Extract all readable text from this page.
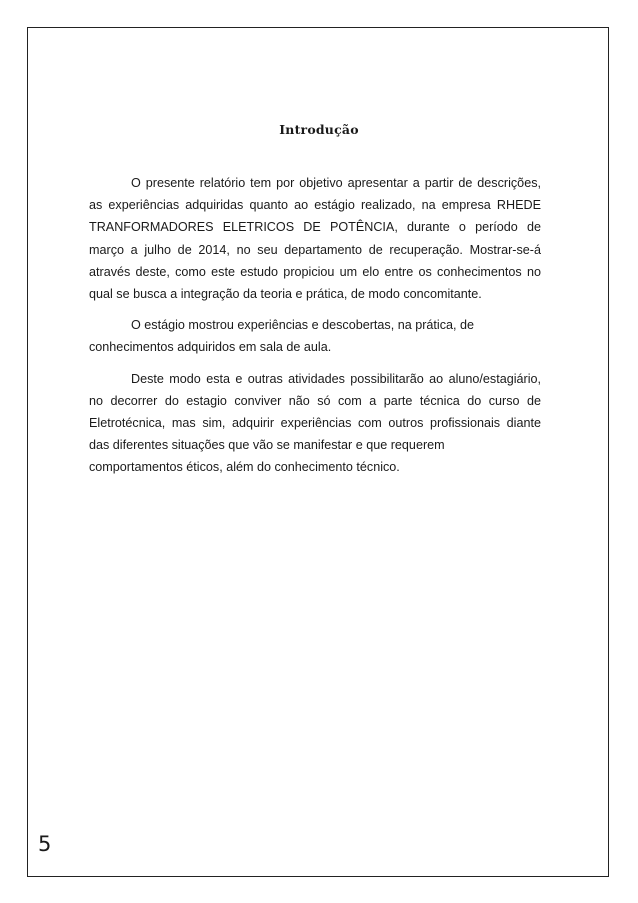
Introdução
O presente relatório tem por objetivo apresentar a partir de descrições,
as experiências adquiridas quanto ao estágio realizado, na empresa RHEDE
TRANFORMADORES ELETRICOS DE POTÊNCIA, durante o período de
março a julho de 2014, no seu departamento de recuperação. Mostrar-se-á
através deste, como este estudo propiciou um elo entre os conhecimentos no
qual se busca a integração da teoria e prática, de modo concomitante.
O estágio mostrou experiências e descobertas, na prática, de
conhecimentos adquiridos em sala de aula.
Deste modo esta e outras atividades possibilitarão ao aluno/estagiário,
no decorrer do estagio conviver não só com a parte técnica do curso de
Eletrotécnica, mas sim, adquirir experiências com outros profissionais diante
das diferentes situações que vão se manifestar e que requerem
comportamentos éticos, além do conhecimento técnico.
5
